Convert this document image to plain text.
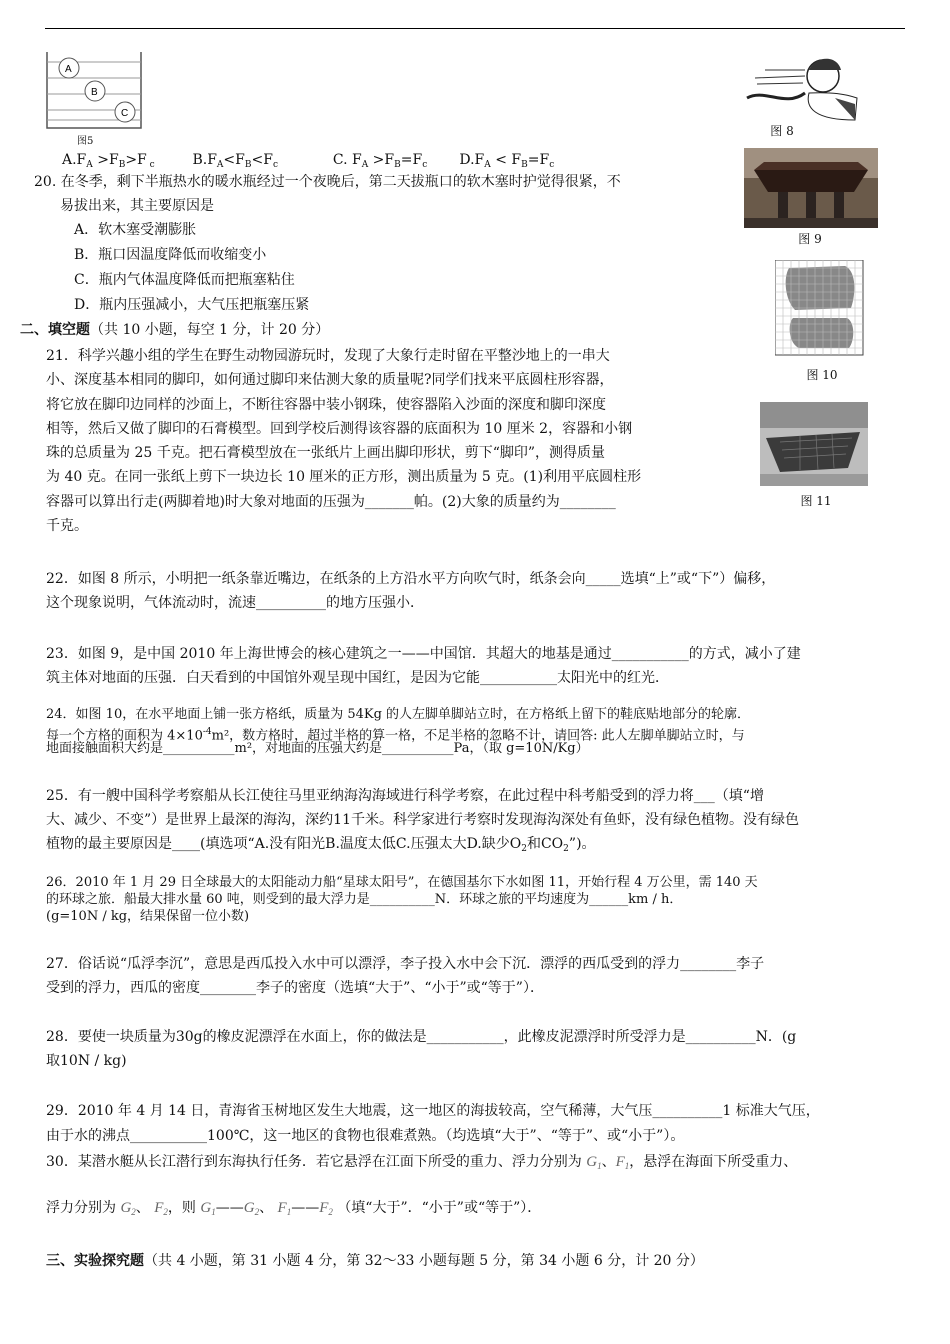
A
B
C
图5
$A.F_A >F_B>F$ $_c$	$B.F_A<F_B<F_c$	C. $F_A >F_B=F_c$ $D.F_A < F_B=F_c$
20. 在冬季，剩下半瓶热水的暖水瓶经过一个夜晚后，第二天拔瓶口的软木塞时护觉得很紧，不
易拔出来，其主要原因是
A．软木塞受潮膨胀
B．瓶口因温度降低而收缩变小
C．瓶内气体温度降低而把瓶塞粘住
D．瓶内压强减小，大气压把瓶塞压紧
二、填空题（共 10 小题，每空 1 分，计 20 分）
21．科学兴趣小组的学生在野生动物园游玩时，发现了大象行走时留在平整沙地上的一串大
小、深度基本相同的脚印，如何通过脚印来估测大象的质量呢?同学们找来平底圆柱形容器，
将它放在脚印边同样的沙面上，不断往容器中装小钢珠，使容器陷入沙面的深度和脚印深度
相等，然后又做了脚印的石膏模型。回到学校后测得该容器的底面积为 10 厘米 2，容器和小钢
珠的总质量为 25 千克。把石膏模型放在一张纸片上画出脚印形状，剪下“脚印”，测得质量
为 40 克。在同一张纸上剪下一块边长 10 厘米的正方形，测出质量为 5 克。(1)利用平底圆柱形
容器可以算出行走(两脚着地)时大象对地面的压强为_______帕。(2)大象的质量约为________
千克。
图 8
图 9
图 10
图 11
22．如图 8 所示，小明把一纸条靠近嘴边，在纸条的上方沿水平方向吹气时，纸条会向_____选填“上”或“下”）偏移，
这个现象说明，气体流动时，流速__________的地方压强小．
23．如图 9，是中国 2010 年上海世博会的核心建筑之一——中国馆．其超大的地基是通过___________的方式，减小了建
筑主体对地面的压强．白天看到的中国馆外观呈现中国红，是因为它能___________太阳光中的红光．
24．如图 10，在水平地面上铺一张方格纸，质量为 54Kg 的人左脚单脚站立时，在方格纸上留下的鞋底贴地部分的轮廓．
每一个方格的面积为 $4\times 10^{-4}m^2$，数方格时，超过半格的算一格，不足半格的忽略不计，请回答: 此人左脚单脚站立时，与
地面接触面积大约是___________m²，对地面的压强大约是___________Pa，（取 g=10N/Kg）
25．有一艘中国科学考察船从长江使往马里亚纳海沟海域进行科学考察，在此过程中科考船受到的浮力将___（填“增
大、减少、不变”）是世界上最深的海沟，深约11千米。科学家进行考察时发现海沟深处有鱼虾，没有绿色植物。没有绿色
植物的最主要原因是____(填选项“A.没有阳光B.温度太低C.压强太大D.缺少$O_2$和$CO_2$”)。
26．2010 年 1 月 29 日全球最大的太阳能动力船“星球太阳号”，在德国基尔下水如图 11，开始行程 4 万公里，需 140 天
的环球之旅．船最大排水量 60 吨，则受到的最大浮力是__________N．环球之旅的平均速度为______km / h．
(g=10N / kg，结果保留一位小数)
27．俗话说“瓜浮李沉”，意思是西瓜投入水中可以漂浮，李子投入水中会下沉．漂浮的西瓜受到的浮力________李子
受到的浮力，西瓜的密度________李子的密度（选填“大于”、“小于”或“等于”）．
28．要使一块质量为30g的橡皮泥漂浮在水面上，你的做法是___________，此橡皮泥漂浮时所受浮力是__________N．(g
取10N / kg)
29．2010 年 4 月 14 日，青海省玉树地区发生大地震，这一地区的海拔较高，空气稀薄，大气压__________1 标准大气压，
由于水的沸点___________100℃，这一地区的食物也很难煮熟。（均选填“大于”、“等于”、或“小于”）。
30．某潜水艇从长江潜行到东海执行任务．若它悬浮在江面下所受的重力、浮力分别为 $G_1$、$F_1$，悬浮在海面下所受重力、
浮力分别为 $G_2$、 $F_2$，则 $G_1——G_2$、 $F_1——F_2$ （填“大于”．“小于”或“等于”）．
三、实验探究题（共 4 小题，第 31 小题 4 分，第 32～33 小题每题 5 分，第 34 小题 6 分，计 20 分）
